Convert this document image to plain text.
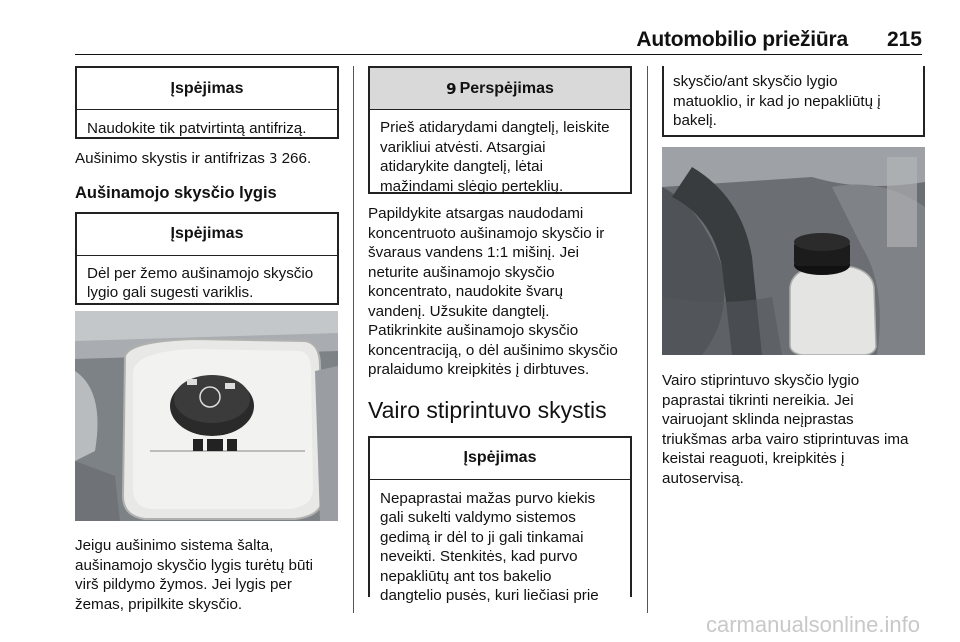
Automobilio priežiūra 215
Įspėjimas
Naudokite tik patvirtintą antifrizą.

Aušinimo skystis ir antifrizas 3 266.

Aušinamojo skysčio lygis

Įspėjimas
Dėl per žemo aušinamojo skysčio
lygio gali sugesti variklis.
Jeigu aušinimo sistema šalta,
aušinamojo skysčio lygis turėtų būti
virš pildymo žymos. Jei lygis per
žemas, pripilkite skysčio.
9 Perspėjimas
Prieš atidarydami dangtelį, leiskite
varikliui atvėsti. Atsargiai
atidarykite dangtelį, lėtai
mažindami slėgio perteklių.
Papildykite atsargas naudodami
koncentruoto aušinamojo skysčio ir
švaraus vandens 1:1 mišinį. Jei
neturite aušinamojo skysčio
koncentrato, naudokite švarų
vandenį. Užsukite dangtelį.
Patikrinkite aušinamojo skysčio
koncentraciją, o dėl aušinimo skysčio
pralaidumo kreipkitės į dirbtuves.

Vairo stiprintuvo skystis

Įspėjimas
Nepaprastai mažas purvo kiekis
gali sukelti valdymo sistemos
gedimą ir dėl to ji gali tinkamai
neveikti. Stenkitės, kad purvo
nepakliūtų ant tos bakelio
dangtelio pusės, kuri liečiasi prie
skysčio/ant skysčio lygio
matuoklio, ir kad jo nepakliūtų į
bakelį.
Vairo stiprintuvo skysčio lygio
paprastai tikrinti nereikia. Jei
vairuojant sklinda neįprastas
triukšmas arba vairo stiprintuvas ima
keistai reaguoti, kreipkitės į
autoservisą.
carmanualsonline.info
